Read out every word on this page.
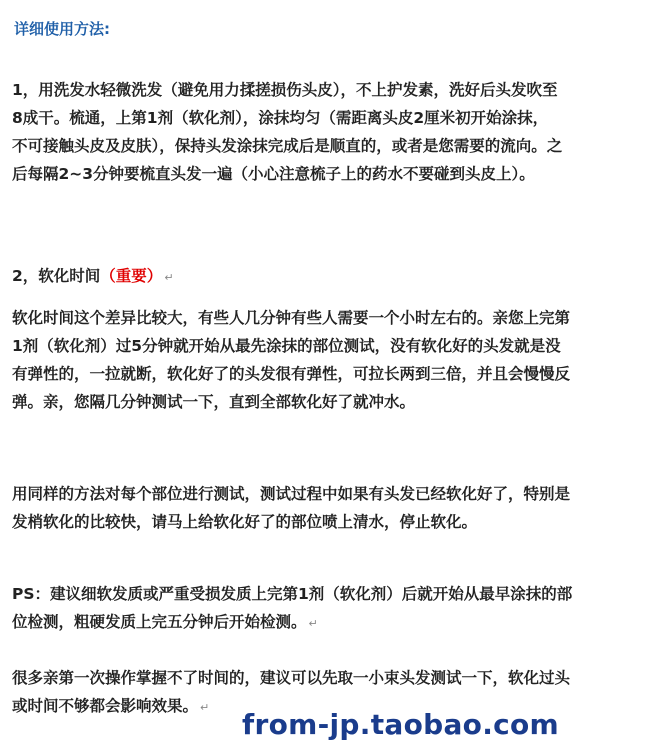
详细使用方法:
1，用洗发水轻微洗发（避免用力揉搓损伤头皮），不上护发素，洗好后头发吹至
8成干。梳通，上第1剂（软化剂），涂抹均匀（需距离头皮2厘米初开始涂抹，
不可接触头皮及皮肤），保持头发涂抹完成后是顺直的，或者是您需要的流向。之
后每隔2~3分钟要梳直头发一遍（小心注意梳子上的药水不要碰到头皮上）。
2，软化时间（重要） ↵
软化时间这个差异比较大，有些人几分钟有些人需要一个小时左右的。亲您上完第
1剂（软化剂）过5分钟就开始从最先涂抹的部位测试，没有软化好的头发就是没
有弹性的，一拉就断，软化好了的头发很有弹性，可拉长两到三倍，并且会慢慢反
弹。亲，您隔几分钟测试一下，直到全部软化好了就冲水。
用同样的方法对每个部位进行测试，测试过程中如果有头发已经软化好了，特别是
发梢软化的比较快，请马上给软化好了的部位喷上清水，停止软化。
PS：建议细软发质或严重受损发质上完第1剂（软化剂）后就开始从最早涂抹的部
位检测，粗硬发质上完五分钟后开始检测。 ↵
很多亲第一次操作掌握不了时间的，建议可以先取一小束头发测试一下，软化过头
或时间不够都会影响效果。 ↵
from-jp.taobao.com
